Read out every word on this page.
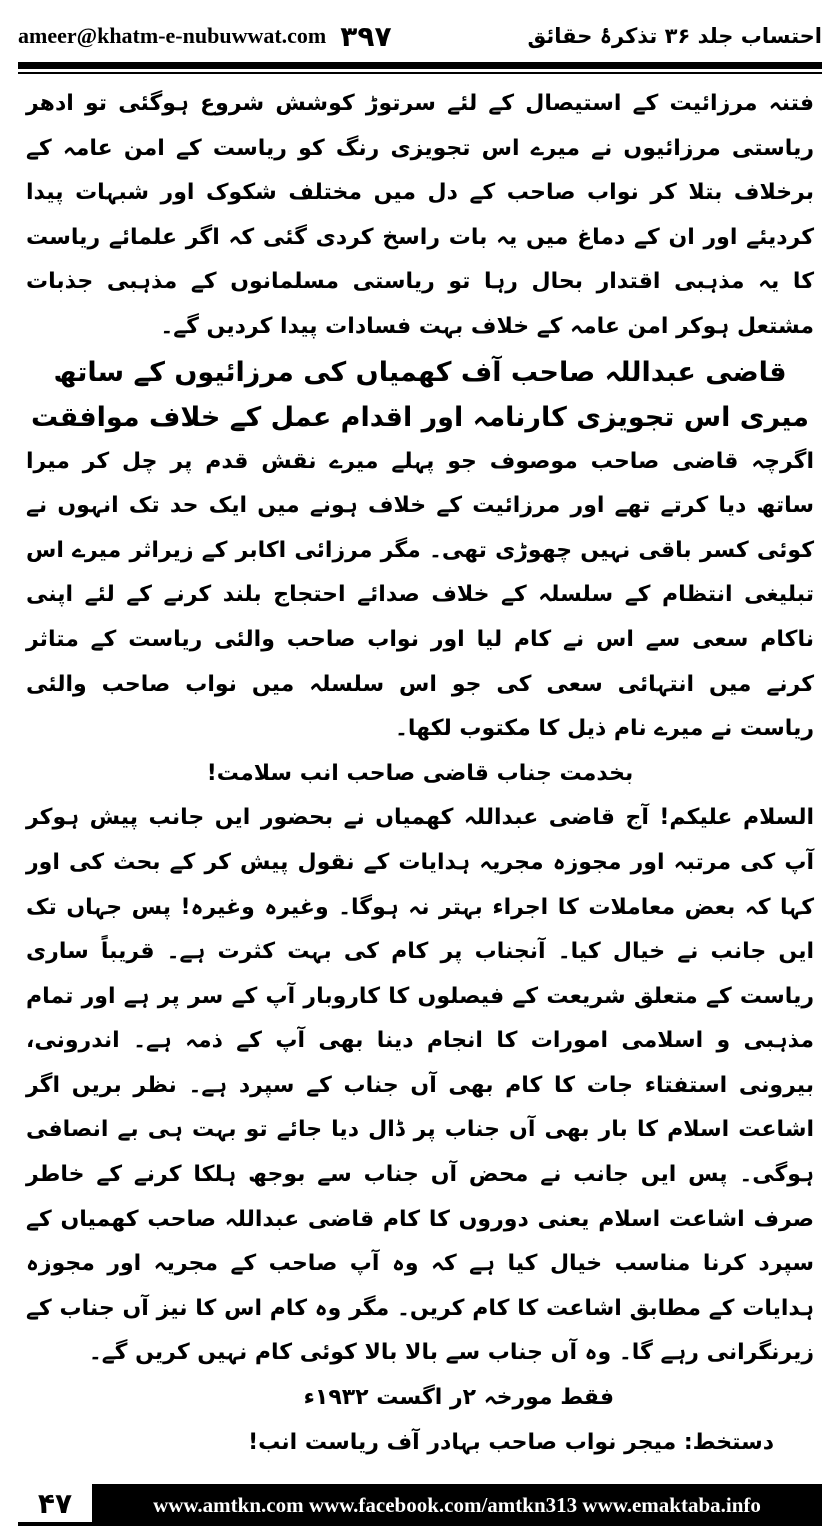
ameer@khatm-e-nubuwwat.com ۳۹۷	احتساب جلد ۳۶ تذکرۂ حقائق

فتنہ مرزائیت کے استیصال کے لئے سرتوڑ کوشش شروع ہوگئی تو ادھر ریاستی مرزائیوں نے میرے اس تجویزی رنگ کو ریاست کے امن عامہ کے برخلاف بتلا کر نواب صاحب کے دل میں مختلف شکوک اور شبہات پیدا کردیئے اور ان کے دماغ میں یہ بات راسخ کردی گئی کہ اگر علمائے ریاست کا یہ مذہبی اقتدار بحال رہا تو ریاستی مسلمانوں کے مذہبی جذبات مشتعل ہوکر امن عامہ کے خلاف بہت فسادات پیدا کردیں گے۔

قاضی عبداللہ صاحب آف کھمیاں کی مرزائیوں کے ساتھ
میری اس تجویزی کارنامہ اور اقدام عمل کے خلاف موافقت

اگرچہ قاضی صاحب موصوف جو پہلے میرے نقش قدم پر چل کر میرا ساتھ دیا کرتے تھے اور مرزائیت کے خلاف ہونے میں ایک حد تک انہوں نے کوئی کسر باقی نہیں چھوڑی تھی۔ مگر مرزائی اکابر کے زیراثر میرے اس تبلیغی انتظام کے سلسلہ کے خلاف صدائے احتجاج بلند کرنے کے لئے اپنی ناکام سعی سے اس نے کام لیا اور نواب صاحب والئی ریاست کے متاثر کرنے میں انتہائی سعی کی جو اس سلسلہ میں نواب صاحب والئی ریاست نے میرے نام ذیل کا مکتوب لکھا۔

بخدمت جناب قاضی صاحب انب سلامت!

السلام علیکم! آج قاضی عبداللہ کھمیاں نے بحضور ایں جانب پیش ہوکر آپ کی مرتبہ اور مجوزہ مجریہ ہدایات کے نقول پیش کر کے بحث کی اور کہا کہ بعض معاملات کا اجراء بہتر نہ ہوگا۔ وغیرہ وغیرہ! پس جہاں تک ایں جانب نے خیال کیا۔ آنجناب پر کام کی بہت کثرت ہے۔ قریباً ساری ریاست کے متعلق شریعت کے فیصلوں کا کاروبار آپ کے سر پر ہے اور تمام مذہبی و اسلامی امورات کا انجام دینا بھی آپ کے ذمہ ہے۔ اندرونی، بیرونی استفتاء جات کا کام بھی آں جناب کے سپرد ہے۔ نظر بریں اگر اشاعت اسلام کا بار بھی آں جناب پر ڈال دیا جائے تو بہت ہی بے انصافی ہوگی۔ پس ایں جانب نے محض آں جناب سے بوجھ ہلکا کرنے کے خاطر صرف اشاعت اسلام یعنی دوروں کا کام قاضی عبداللہ صاحب کھمیاں کے سپرد کرنا مناسب خیال کیا ہے کہ وہ آپ صاحب کے مجریہ اور مجوزہ ہدایات کے مطابق اشاعت کا کام کریں۔ مگر وہ کام اس کا نیز آں جناب کے زیرنگرانی رہے گا۔ وہ آں جناب سے بالا بالا کوئی کام نہیں کریں گے۔

فقط مورخہ ۲ر اگست ۱۹۳۲ء

دستخط: میجر نواب صاحب بہادر آف ریاست انب!

۴۷	www.amtkn.com www.facebook.com/amtkn313 www.emaktaba.info
